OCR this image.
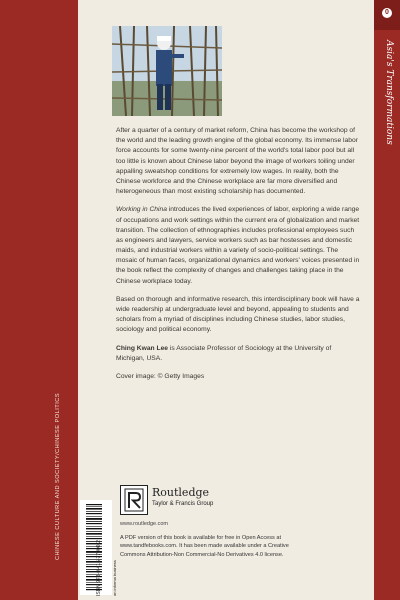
CHINESE CULTURE AND SOCIETY/CHINESE POLITICS
0
Asia's Transformations

After a quarter of a century of market reform, China has become the workshop of the world and the leading growth engine of the global economy. Its immense labor force accounts for some twenty-nine percent of the world's total labor pool but all too little is known about Chinese labor beyond the image of workers toiling under appalling sweatshop conditions for extremely low wages. In reality, both the Chinese workforce and the Chinese workplace are far more diversified and heterogeneous than most existing scholarship has documented.

Working in China introduces the lived experiences of labor, exploring a wide range of occupations and work settings within the current era of globalization and market transition. The collection of ethnographies includes professional employees such as engineers and lawyers, service workers such as bar hostesses and domestic maids, and industrial workers within a variety of socio-political settings. The mosaic of human faces, organizational dynamics and workers' voices presented in the book reflect the complexity of changes and challenges taking place in the Chinese workplace today.

Based on thorough and informative research, this interdisciplinary book will have a wide readership at undergraduate level and beyond, appealing to students and scholars from a myriad of disciplines including Chinese studies, labor studies, sociology and political economy.

Ching Kwan Lee is Associate Professor of Sociology at the University of Michigan, USA.

Cover image: © Getty Images

ISBN 978-0-415-77000-2	an informa business
Routledge
Taylor & Francis Group
www.routledge.com
A PDF version of this book is available for free in Open Access at www.tandfebooks.com. It has been made available under a Creative Commons Attribution-Non Commercial-No Derivatives 4.0 license.
